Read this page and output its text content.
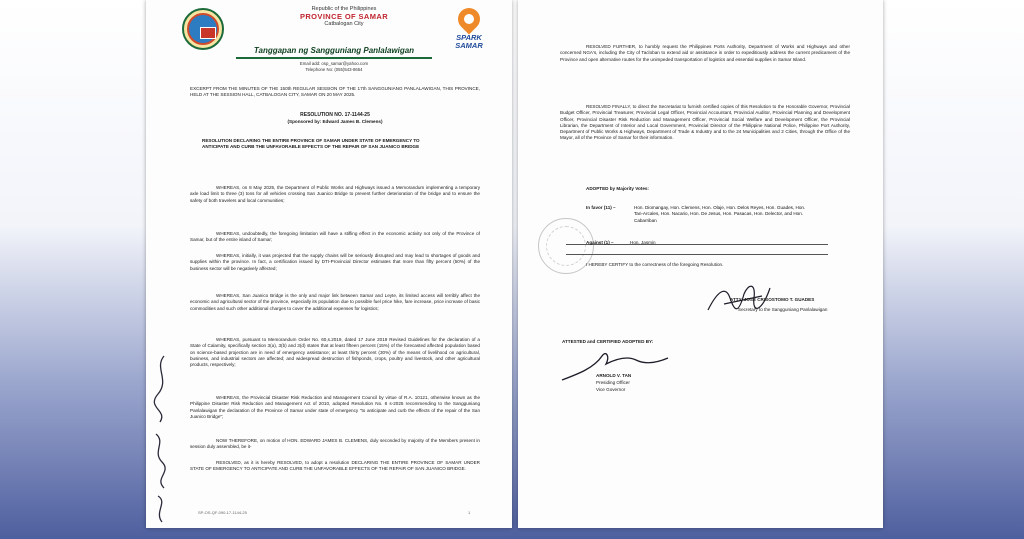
Republic of the Philippines
PROVINCE OF SAMAR
Catbalogan City
Tanggapan ng Sangguniang Panlalawigan
Email add: osp_samar@yahoo.com
Telephone No: (055)543-8654
SPARK SAMAR
EXCERPT FROM THE MINUTES OF THE 150th REGULAR SESSION OF THE 17th SANGGUNIANG PANLALAWIGAN, THIS PROVINCE, HELD AT THE SESSION HALL, CATBALOGAN CITY, SAMAR ON 20 MAY 2025.
RESOLUTION NO. 17-1144-25
(Sponsored by: Edward James B. Clemens)
RESOLUTION DECLARING THE ENTIRE PROVINCE OF SAMAR UNDER STATE OF EMERGENCY TO ANTICIPATE AND CURB THE UNFAVORABLE EFFECTS OF THE REPAIR OF SAN JUANICO BRIDGE
WHEREAS, on 8 May 2025, the Department of Public Works and Highways issued a Memorandum implementing a temporary axle load limit to three (3) tons for all vehicles crossing San Juanico Bridge to prevent further deterioration of the bridge and to ensure the safety of both travelers and local communities;
WHEREAS, undoubtedly, the foregoing limitation will have a stifling effect in the economic activity not only of the Province of Samar, but of the entire island of Samar;
WHEREAS, initially, it was projected that the supply chains will be seriously disrupted and may lead to shortages of goods and supplies within the province. In fact, a certification issued by DTI-Provincial Director estimates that more than fifty percent (50%) of the business sector will be negatively affected;
WHEREAS, San Juanico Bridge is the only and major link between Samar and Leyte, its limited access will terribly affect the economic and agricultural sector of the province, especially its population due to possible fuel price hike, fare increase, price increase of basic commodities and such other additional charges to cover the additional expenses for logistics;
WHEREAS, pursuant to Memorandum Order No. 60,s.2019, dated 17 June 2019 Revised Guidelines for the declaration of a State of Calamity, specifically section 3(a), 3(b) and 3(d) states that at least fifteen percent (15%) of the forecasted affected population based on science-based projection are in need of emergency assistance; at least thirty percent (30%) of the means of livelihood on agricultural, business, and industrial sectors are affected; and widespread destruction of fishponds, crops, poultry and livestock, and other agricultural products, respectively;
WHEREAS, the Provincial Disaster Risk Reduction and Management Council by virtue of R.A. 10121, otherwise known as the Philippine Disaster Risk Reduction and Management Act of 2010, adopted Resolution No. 8 s-2025 recommending to the Sangguniang Panlalawigan the declaration of the Province of Samar under state of emergency "to anticipate and curb the effects of the repair of the San Juanico Bridge";
NOW THEREFORE, on motion of HON. EDWARD JAMES B. CLEMENS, duly seconded by majority of the Members present in session duly assembled, be it-
RESOLVED, as it is hereby RESOLVED, to adopt a resolution DECLARING THE ENTIRE PROVINCE OF SAMAR UNDER STATE OF EMERGENCY TO ANTICIPATE AND CURB THE UNFAVORABLE EFFECTS OF THE REPAIR OF SAN JUANICO BRIDGE.
SP-OS-QF-090-17-1144-25	1
RESOLVED FURTHER, to humbly request the Philippines Ports Authority, Department of Works and Highways and other concerned NGA's, including the City of Tacloban to extend aid or assistance in order to expeditiously address the current predicament of the Province and open alternative routes for the unimpeded transportation of logistics and essential supplies in Samar Island.
RESOLVED FINALLY, to direct the Secretariat to furnish certified copies of this Resolution to the Honorable Governor, Provincial Budget Officer, Provincial Treasurer, Provincial Legal Officer, Provincial Accountant, Provincial Auditor, Provincial Planning and Development Officer, Provincial Disaster Risk Reduction and Management Officer, Provincial Social Welfare and Development Officer, the Provincial Librarian, the Department of Interior and Local Government, Provincial Director of the Philippine National Police, Philippine Port Authority, Department of Public Works & Highways, Department of Trade & Industry and to the 24 Municipalities and 2 Cities, through the Office of the Mayor, all of the Province of Samar for their information.
ADOPTED by Majority Votes:
In favor (11) –	Hon. Diomangay, Hon. Clemens, Hon. Olaje, Hon. Delos Reyes, Hon. Guades, Hon. Tan-Arcales, Hon. Nacario, Hon. De Jesus, Hon. Pasacas, Hon. Delector, and Hon. Cabarriban
Against (1) –	Hon. Jasmin
I HEREBY CERTIFY to the correctness of the foregoing Resolution.
ATTY. JOSE CRISOSTOMO T. GUADES
Secretary to the Sangguniang Panlalawigan
ATTESTED and CERTIFIED ADOPTED BY:
ARNOLD V. TAN
Presiding Officer
Vice Governor
